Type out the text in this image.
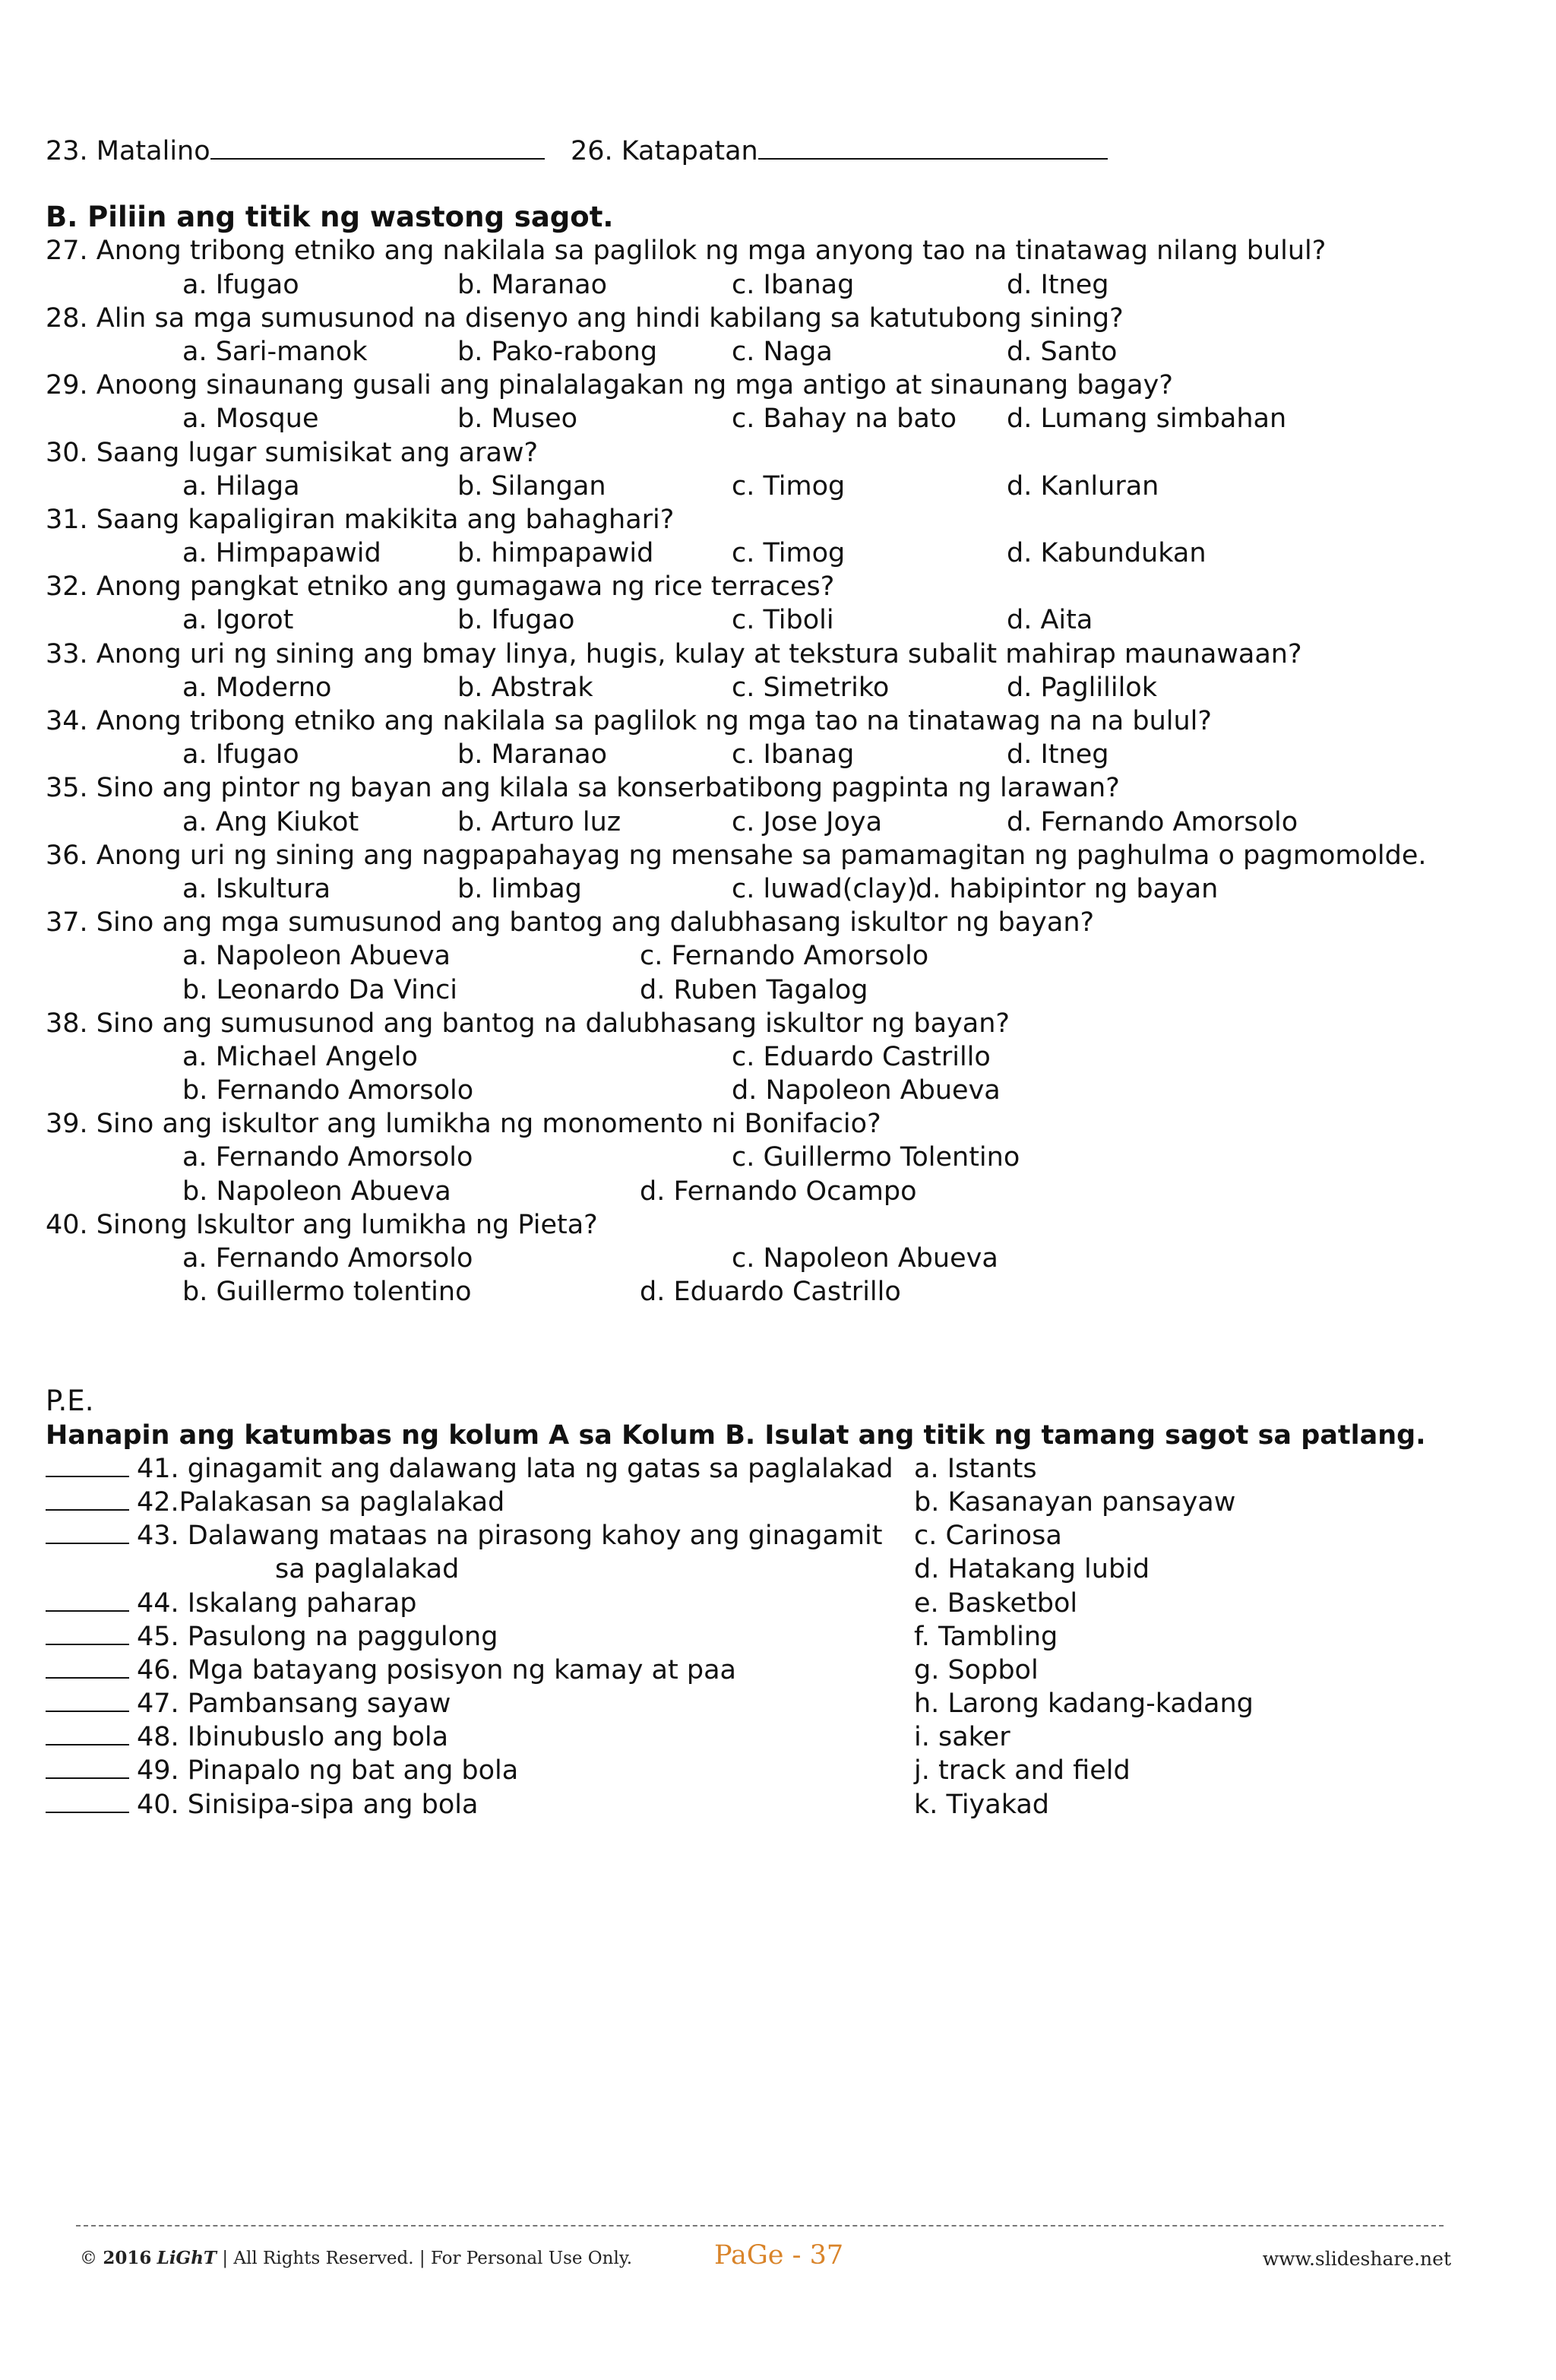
23. Matalino	26. Katapatan
B. Piliin ang titik ng wastong sagot.
27. Anong tribong etniko ang nakilala sa paglilok ng mga anyong tao na tinatawag nilang bulul?
a. Ifugao	b. Maranao	c. Ibanag	d. Itneg
28. Alin sa mga sumusunod na disenyo ang hindi kabilang sa katutubong sining?
a. Sari-manok	b. Pako-rabong	c. Naga	d. Santo
29. Anoong sinaunang gusali ang pinalalagakan ng mga antigo at sinaunang bagay?
a. Mosque	b. Museo	c. Bahay na bato d. Lumang simbahan
30. Saang lugar sumisikat ang araw?
a. Hilaga	b. Silangan	c. Timog	d. Kanluran
31. Saang kapaligiran makikita ang bahaghari?
a. Himpapawid	b. himpapawid	c. Timog	d. Kabundukan
32. Anong pangkat etniko ang gumagawa ng rice terraces?
a. Igorot	b. Ifugao	c. Tiboli	d. Aita
33. Anong uri ng sining ang bmay linya, hugis, kulay at tekstura subalit mahirap maunawaan?
a. Moderno	b. Abstrak	c. Simetriko	d. Paglililok
34. Anong tribong etniko ang nakilala sa paglilok ng mga tao na tinatawag na na bulul?
a. Ifugao	b. Maranao	c. Ibanag	d. Itneg
35. Sino ang pintor ng bayan ang kilala sa konserbatibong pagpinta ng larawan?
a. Ang Kiukot	b. Arturo luz	c. Jose Joya	d. Fernando Amorsolo
36. Anong uri ng sining ang nagpapahayag ng mensahe sa pamamagitan ng paghulma o pagmomolde.
a. Iskultura	b. limbag	c. luwad(clay)
d. habipintor ng bayan
37. Sino ang mga sumusunod ang bantog ang dalubhasang iskultor ng bayan?
a. Napoleon Abueva	c. Fernando Amorsolo
b. Leonardo Da Vinci	d. Ruben Tagalog
38. Sino ang sumusunod ang bantog na dalubhasang iskultor ng bayan?
a. Michael Angelo	c. Eduardo Castrillo
b. Fernando Amorsolo	d. Napoleon Abueva
39. Sino ang iskultor ang lumikha ng monomento ni Bonifacio?
a. Fernando Amorsolo	c. Guillermo Tolentino
b. Napoleon Abueva	d. Fernando Ocampo
40. Sinong Iskultor ang lumikha ng Pieta?
a. Fernando Amorsolo	c. Napoleon Abueva
b. Guillermo tolentino	d. Eduardo Castrillo
P.E.
Hanapin ang katumbas ng kolum A sa Kolum B. Isulat ang titik ng tamang sagot sa patlang.
41. ginagamit ang dalawang lata ng gatas sa paglalakad a. Istants
42.Palakasan sa paglalakad	b. Kasanayan pansayaw
43. Dalawang mataas na pirasong kahoy ang ginagamit c. Carinosa
sa paglalakad	d. Hatakang lubid
44. Iskalang paharap	e. Basketbol
45. Pasulong na paggulong	f. Tambling
46. Mga batayang posisyon ng kamay at paa	g. Sopbol
47. Pambansang sayaw	h. Larong kadang-kadang
48. Ibinubuslo ang bola	i. saker
49. Pinapalo ng bat ang bola	j. track and field
40. Sinisipa-sipa ang bola	k. Tiyakad
© 2016 LiGhT | All Rights Reserved. | For Personal Use Only.	PaGe - 37	www.slideshare.net
